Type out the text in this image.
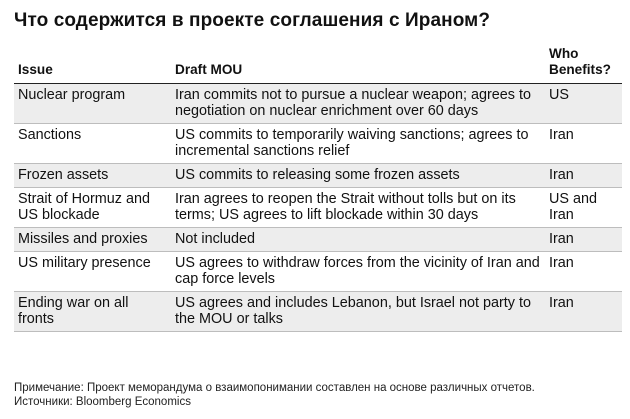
Что содержится в проекте соглашения с Ираном?
Issue	Draft MOU	Who
Benefits?
Nuclear program	Iran commits not to pursue a nuclear weapon; agrees to negotiation on nuclear enrichment over 60 days	US
Sanctions	US commits to temporarily waiving sanctions; agrees to incremental sanctions relief	Iran
Frozen assets	US commits to releasing some frozen assets	Iran
Strait of Hormuz and US blockade	Iran agrees to reopen the Strait without tolls but on its terms; US agrees to lift blockade within 30 days	US and Iran
Missiles and proxies	Not included	Iran
US military presence	US agrees to withdraw forces from the vicinity of Iran and cap force levels	Iran
Ending war on all fronts	US agrees and includes Lebanon, but Israel not party to the MOU or talks	Iran
Примечание: Проект меморандума о взаимопонимании составлен на основе различных отчетов.
Источники: Bloomberg Economics
